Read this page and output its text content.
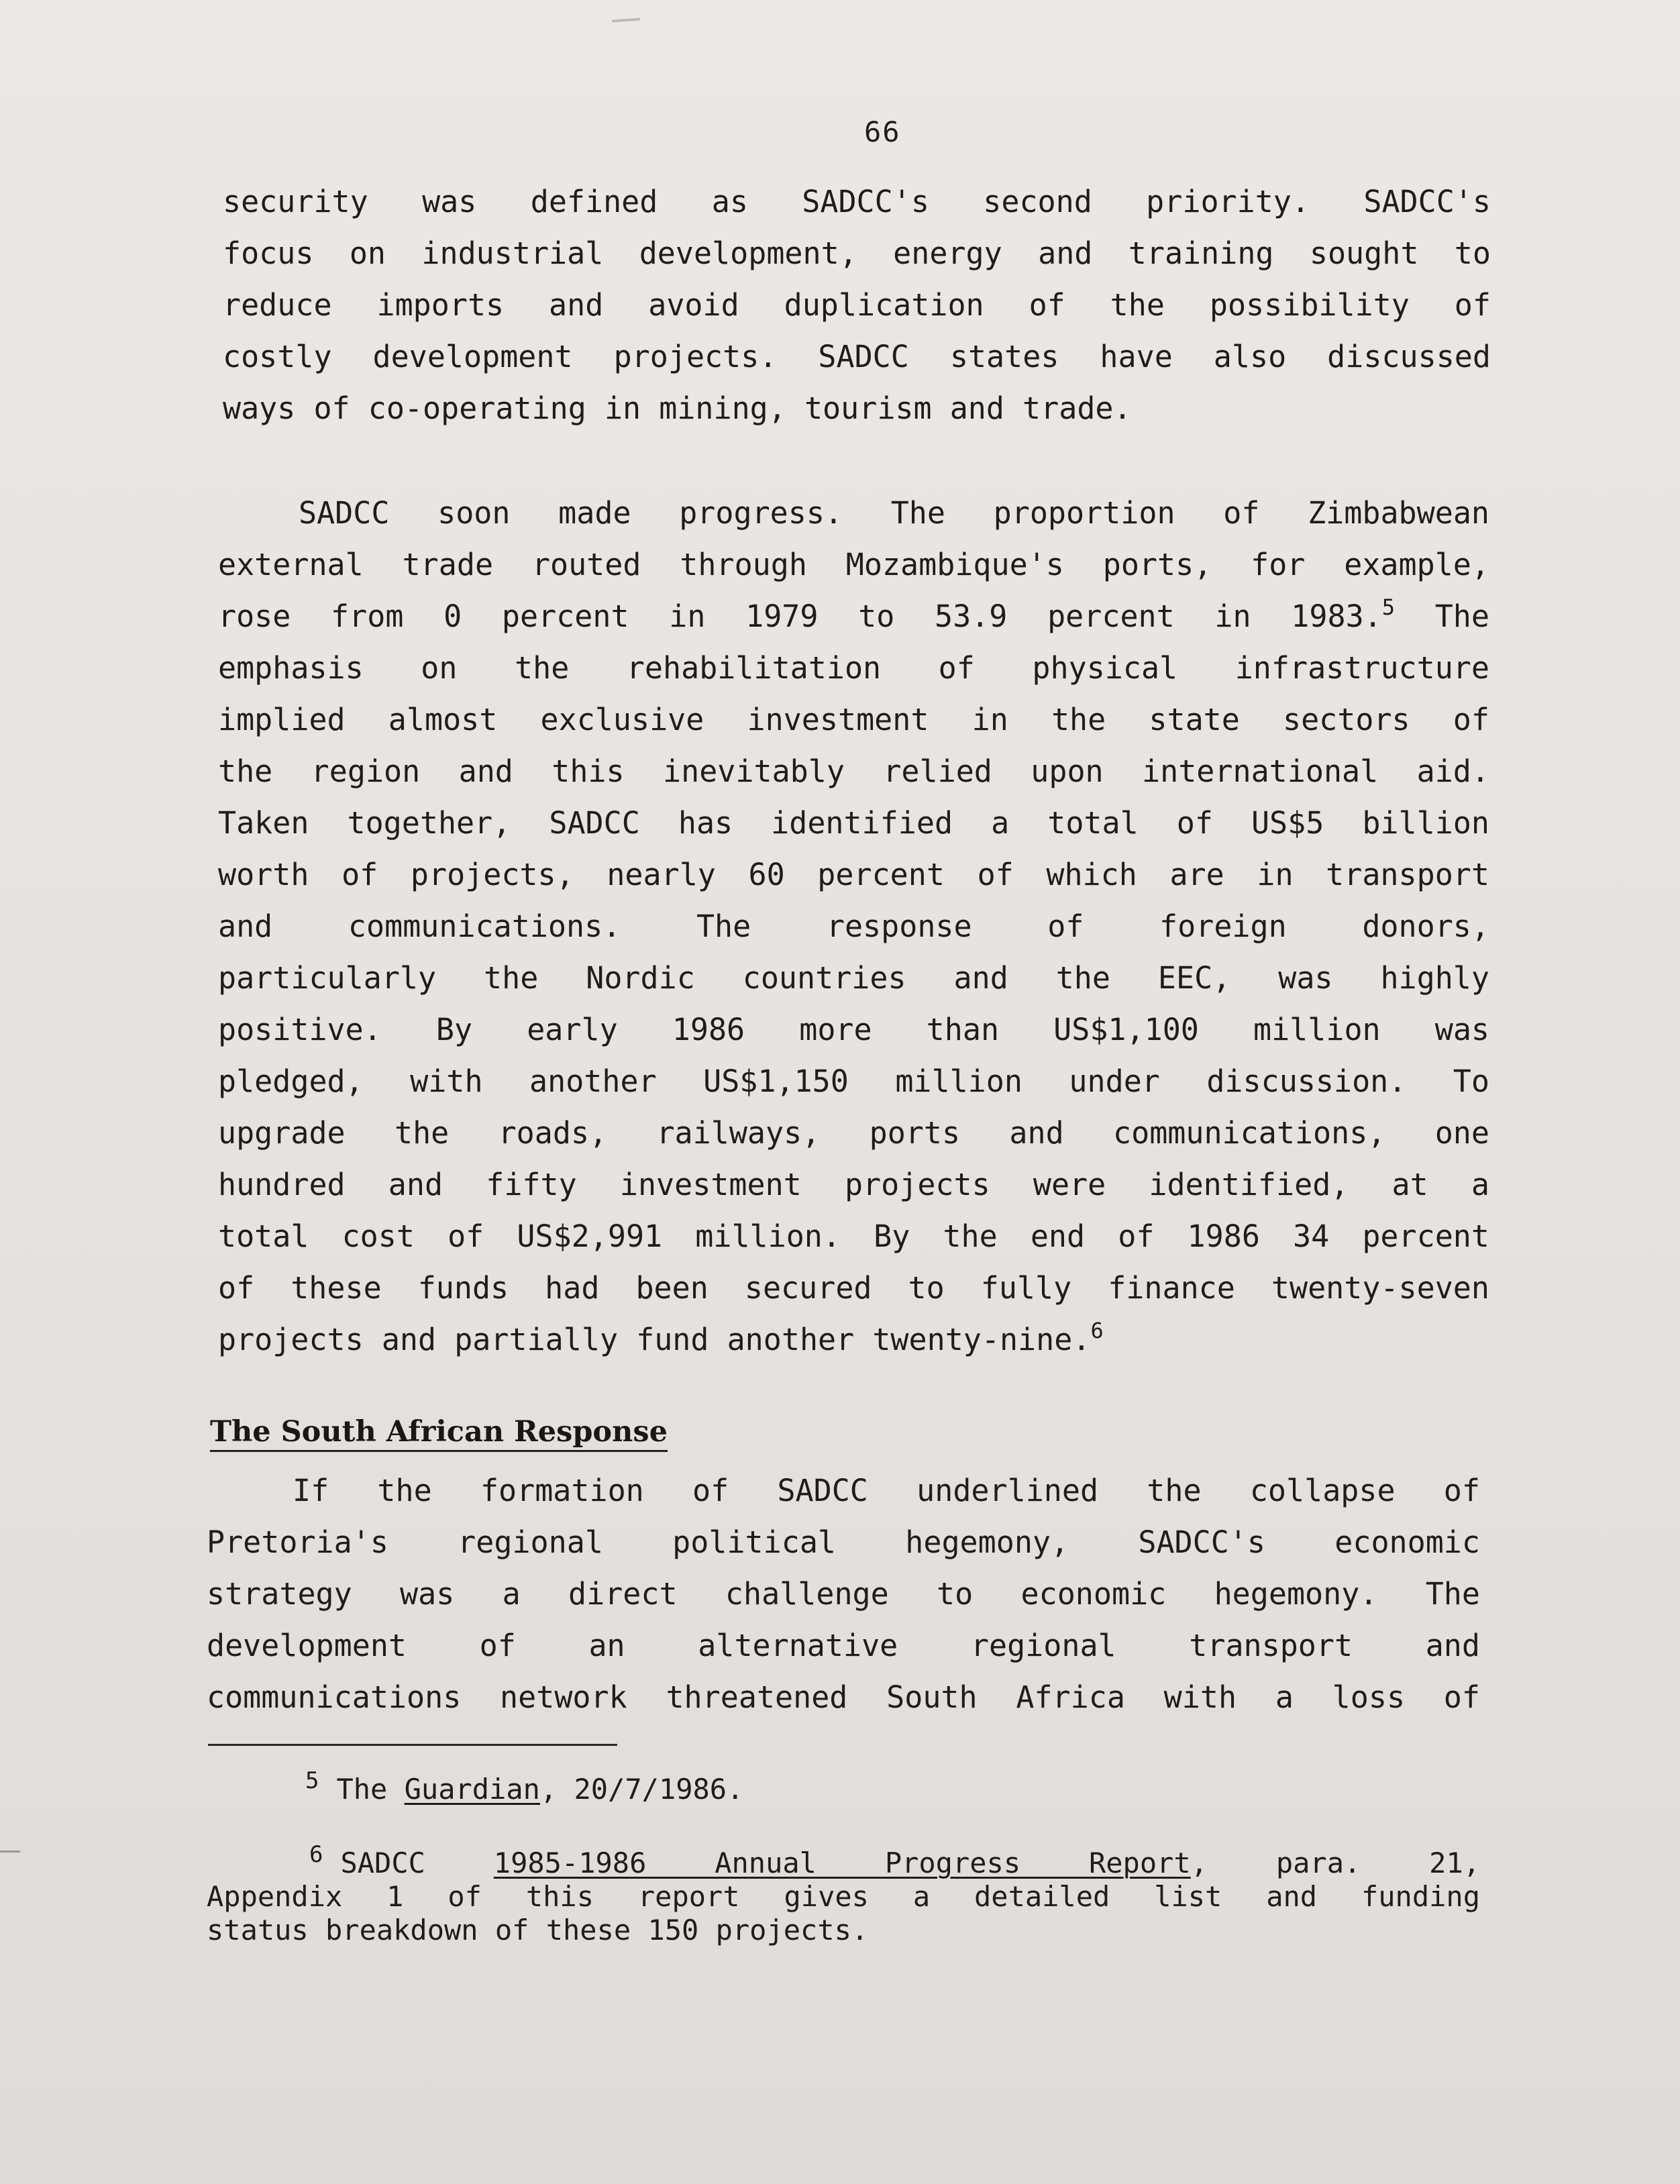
66
security was defined as SADCC's second priority. SADCC's
focus on industrial development, energy and training sought to
reduce imports and avoid duplication of the possibility of
costly development projects. SADCC states have also discussed
ways of co-operating in mining, tourism and trade.
SADCC soon made progress. The proportion of Zimbabwean
external trade routed through Mozambique's ports, for example,
rose from 0 percent in 1979 to 53.9 percent in 1983.$^5$ The
emphasis on the rehabilitation of physical infrastructure
implied almost exclusive investment in the state sectors of
the region and this inevitably relied upon international aid.
Taken together, SADCC has identified a total of US$5 billion
worth of projects, nearly 60 percent of which are in transport
and communications. The response of foreign donors,
particularly the Nordic countries and the EEC, was highly
positive. By early 1986 more than US$1,100 million was
pledged, with another US$1,150 million under discussion. To
upgrade the roads, railways, ports and communications, one
hundred and fifty investment projects were identified, at a
total cost of US$2,991 million. By the end of 1986 34 percent
of these funds had been secured to fully finance twenty-seven
projects and partially fund another twenty-nine.$^6$
The South African Response
If the formation of SADCC underlined the collapse of
Pretoria's regional political hegemony, SADCC's economic
strategy was a direct challenge to economic hegemony. The
development of an alternative regional transport and
communications network threatened South Africa with a loss of
$^5$ The Guardian, 20/7/1986.
$^6$ SADCC 1985-1986 Annual Progress Report, para. 21,
Appendix 1 of this report gives a detailed list and funding
status breakdown of these 150 projects.
